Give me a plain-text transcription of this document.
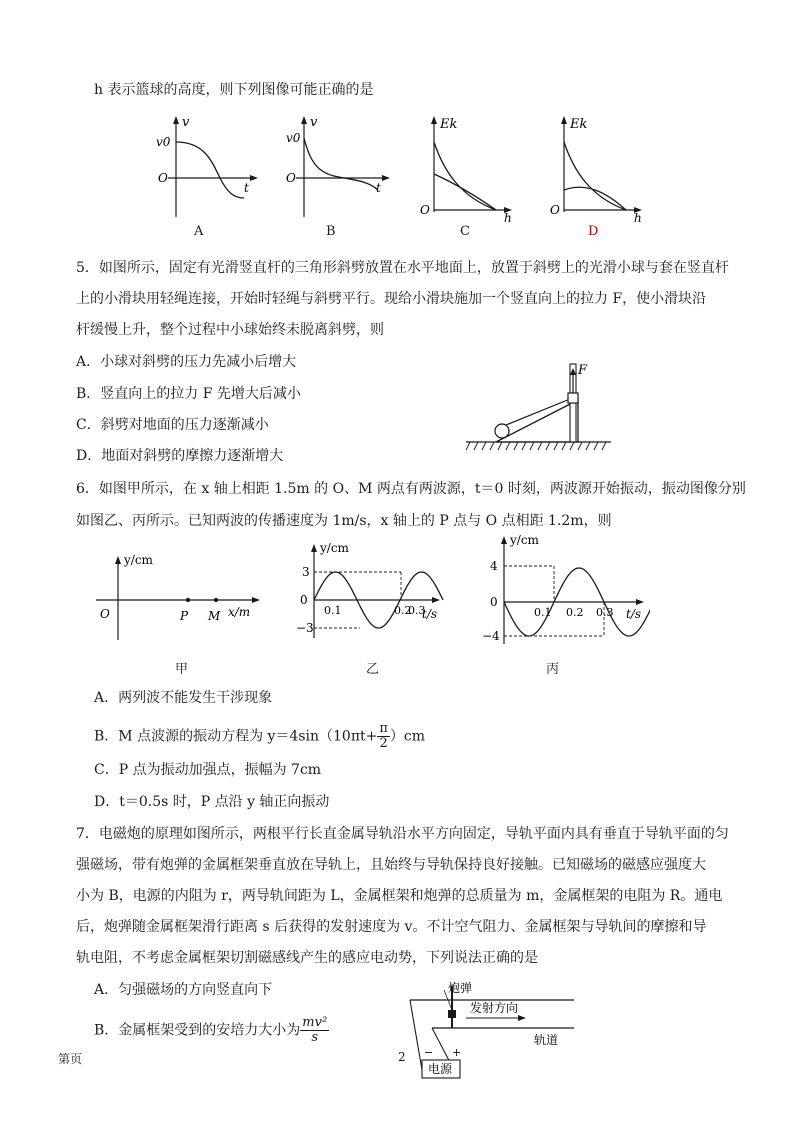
h 表示篮球的高度，则下列图像可能正确的是
v
v0
O
t
A
v
v0
O
t
B
Ek
O
h
C
Ek
O
h
D
5．如图所示，固定有光滑竖直杆的三角形斜劈放置在水平地面上，放置于斜劈上的光滑小球与套在竖直杆
上的小滑块用轻绳连接，开始时轻绳与斜劈平行。现给小滑块施加一个竖直向上的拉力 F，使小滑块沿
杆缓慢上升，整个过程中小球始终未脱离斜劈，则
A．小球对斜劈的压力先减小后增大
B．竖直向上的拉力 F 先增大后减小
C．斜劈对地面的压力逐渐减小
D．地面对斜劈的摩擦力逐渐增大
F
6．如图甲所示，在 x 轴上相距 1.5m 的 O、M 两点有两波源，t＝0 时刻，两波源开始振动，振动图像分别
如图乙、丙所示。已知两波的传播速度为 1m/s，x 轴上的 P 点与 O 点相距 1.2m，则
y/cm
O	P M x/m
甲
y/cm
3
0
−3
0.1	0.2
0.3
t/s
乙
y/cm
4
0
−4
0.1 0.2 0.3 t/s
丙
A．两列波不能发生干涉现象
B．M 点波源的振动方程为 $y=4\sin(10\pi t+ \frac{\pi}{2} )cm$
C．P 点为振动加强点，振幅为 7cm
D．t＝0.5s 时，P 点沿 y 轴正向振动
7．电磁炮的原理如图所示，两根平行长直金属导轨沿水平方向固定，导轨平面内具有垂直于导轨平面的匀
强磁场，带有炮弹的金属框架垂直放在导轨上，且始终与导轨保持良好接触。已知磁场的磁感应强度大
小为 B，电源的内阻为 r，两导轨间距为 L，金属框架和炮弹的总质量为 m，金属框架的电阻为 R。通电
后，炮弹随金属框架滑行距离 s 后获得的发射速度为 v。不计空气阻力、金属框架与导轨间的摩擦和导
轨电阻，不考虑金属框架切割磁感线产生的感应电动势，下列说法正确的是
A．匀强磁场的方向竖直向下
B．金属框架受到的安培力大小为 $\frac{\text{mv²}}{s}$
炮弹
发射方向
轨道
电源
− +
第页	2
